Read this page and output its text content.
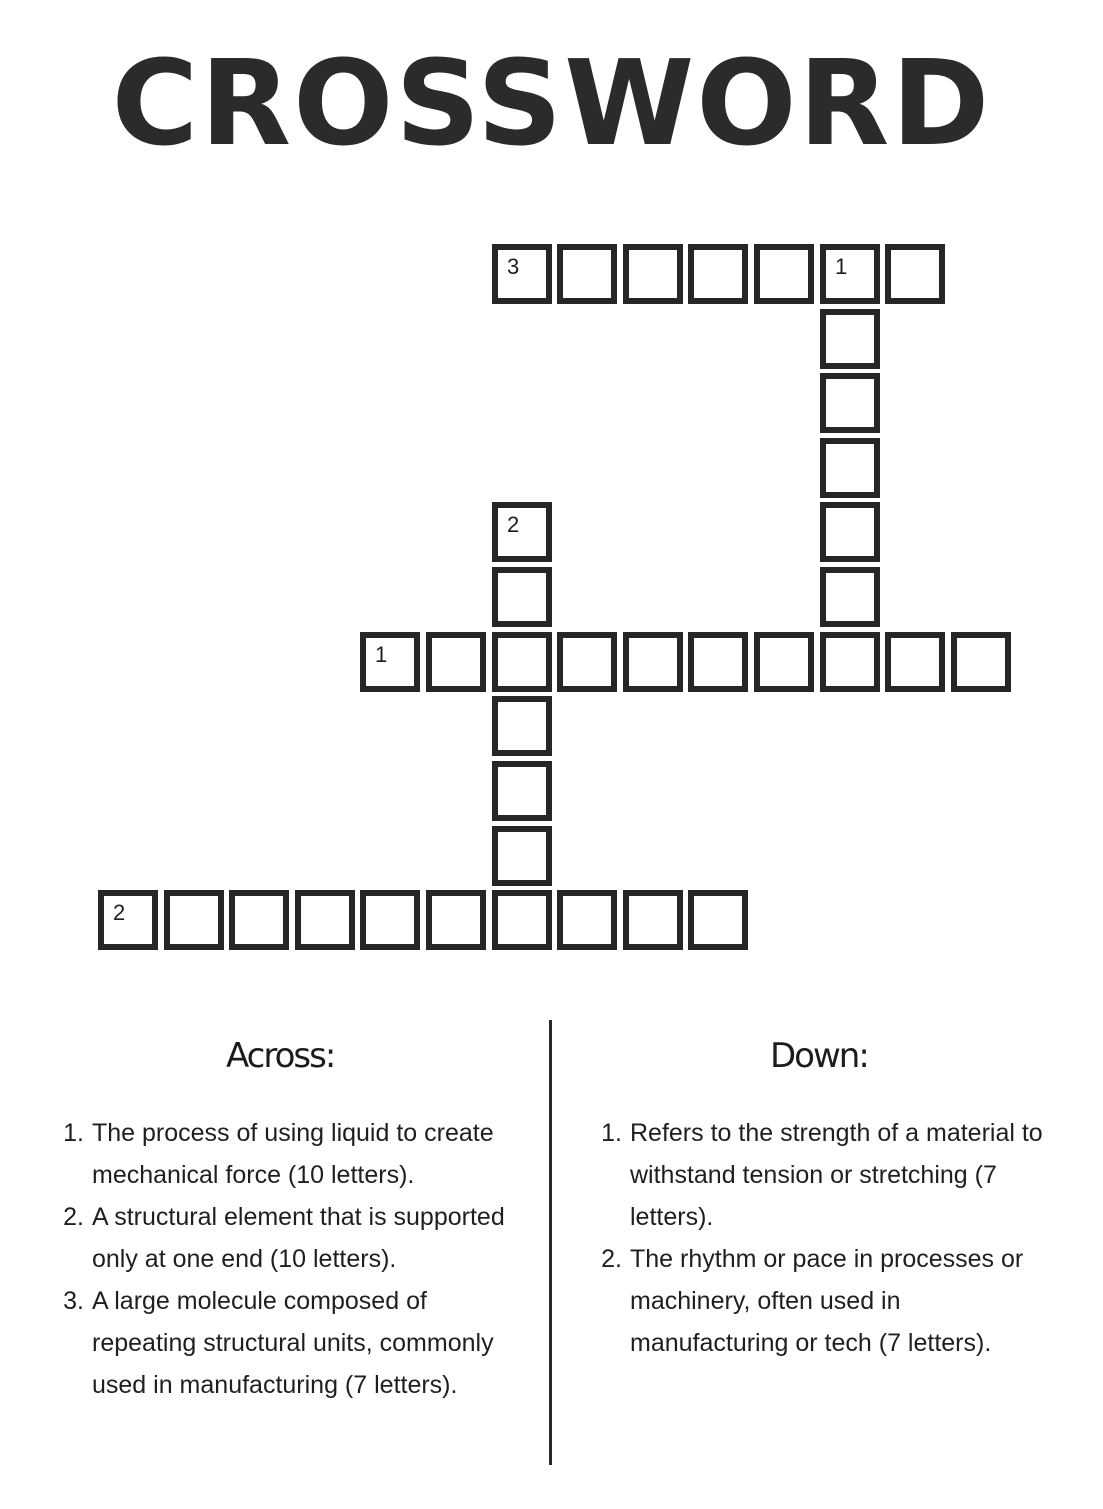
CROSSWORD
3	1
2
1
2
Across:
1. The process of using liquid to create mechanical force (10 letters).
2. A structural element that is supported only at one end (10 letters).
3. A large molecule composed of repeating structural units, commonly used in manufacturing (7 letters).
Down:
1. Refers to the strength of a material to withstand tension or stretching (7 letters).
2. The rhythm or pace in processes or machinery, often used in manufacturing or tech (7 letters).
